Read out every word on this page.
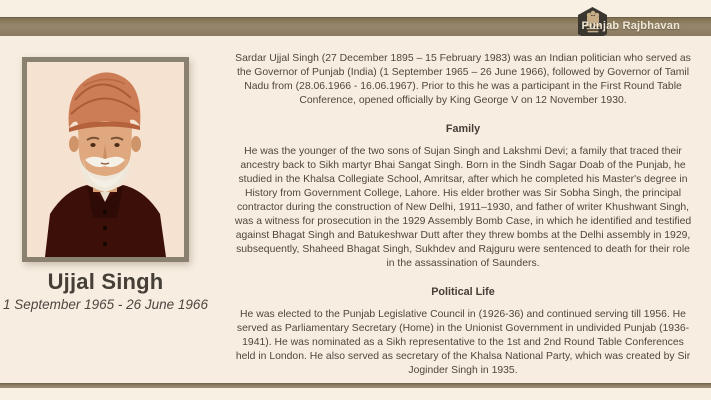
Punjab Rajbhavan
Ujjal Singh
1 September 1965 - 26 June 1966

Sardar Ujjal Singh (27 December 1895 – 15 February 1983) was an Indian politician who served as the Governor of Punjab (India) (1 September 1965 – 26 June 1966), followed by Governor of Tamil Nadu from (28.06.1966 - 16.06.1967). Prior to this he was a participant in the First Round Table Conference, opened officially by King George V on 12 November 1930.

Family

He was the younger of the two sons of Sujan Singh and Lakshmi Devi; a family that traced their ancestry back to Sikh martyr Bhai Sangat Singh. Born in the Sindh Sagar Doab of the Punjab, he studied in the Khalsa Collegiate School, Amritsar, after which he completed his Master's degree in History from Government College, Lahore. His elder brother was Sir Sobha Singh, the principal contractor during the construction of New Delhi, 1911–1930, and father of writer Khushwant Singh, was a witness for prosecution in the 1929 Assembly Bomb Case, in which he identified and testified against Bhagat Singh and Batukeshwar Dutt after they threw bombs at the Delhi assembly in 1929, subsequently, Shaheed Bhagat Singh, Sukhdev and Rajguru were sentenced to death for their role in the assassination of Saunders.

Political Life

He was elected to the Punjab Legislative Council in (1926-36) and continued serving till 1956. He served as Parliamentary Secretary (Home) in the Unionist Government in undivided Punjab (1936-1941). He was nominated as a Sikh representative to the 1st and 2nd Round Table Conferences held in London. He also served as secretary of the Khalsa National Party, which was created by Sir Joginder Singh in 1935.
